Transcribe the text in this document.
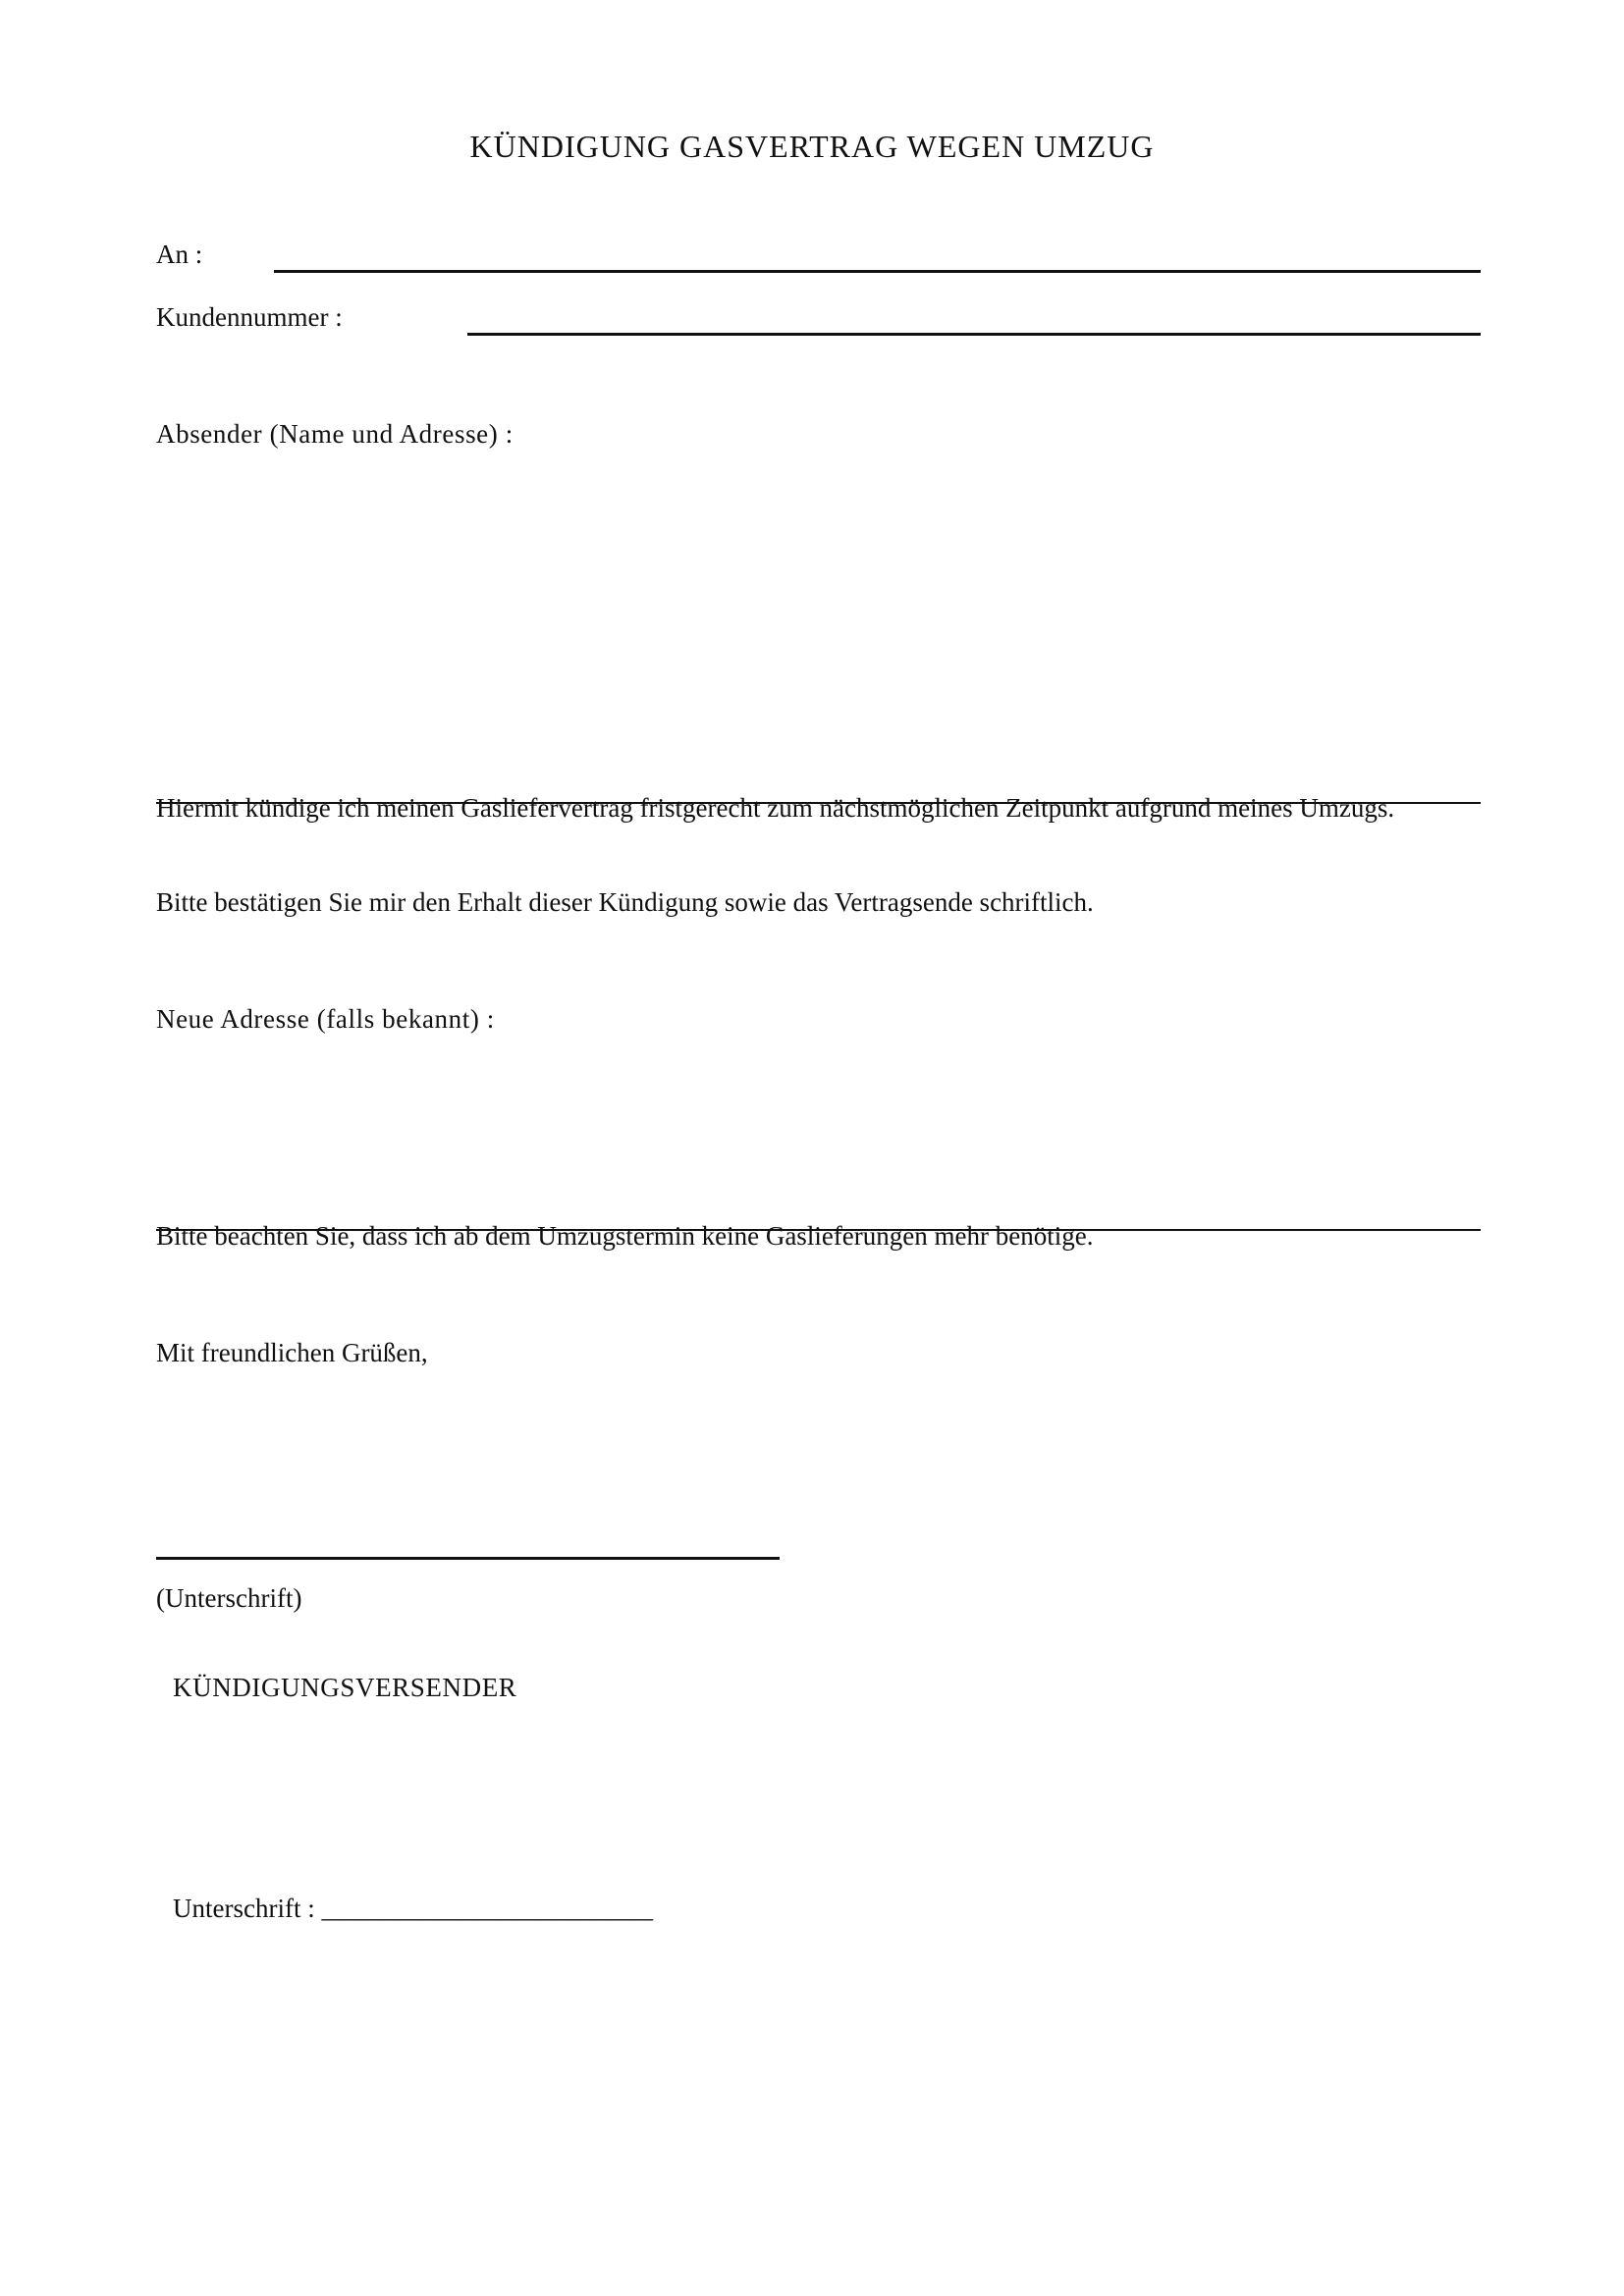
KÜNDIGUNG GASVERTRAG WEGEN UMZUG
An :
Kundennummer :
Absender (Name und Adresse) :
Hiermit kündige ich meinen Gasliefervertrag fristgerecht zum nächstmöglichen Zeitpunkt aufgrund meines Umzugs.
Bitte bestätigen Sie mir den Erhalt dieser Kündigung sowie das Vertragsende schriftlich.
Neue Adresse (falls bekannt) :
Bitte beachten Sie, dass ich ab dem Umzugstermin keine Gaslieferungen mehr benötige.
Mit freundlichen Grüßen,
(Unterschrift)
KÜNDIGUNGSVERSENDER
Unterschrift : _________________________
